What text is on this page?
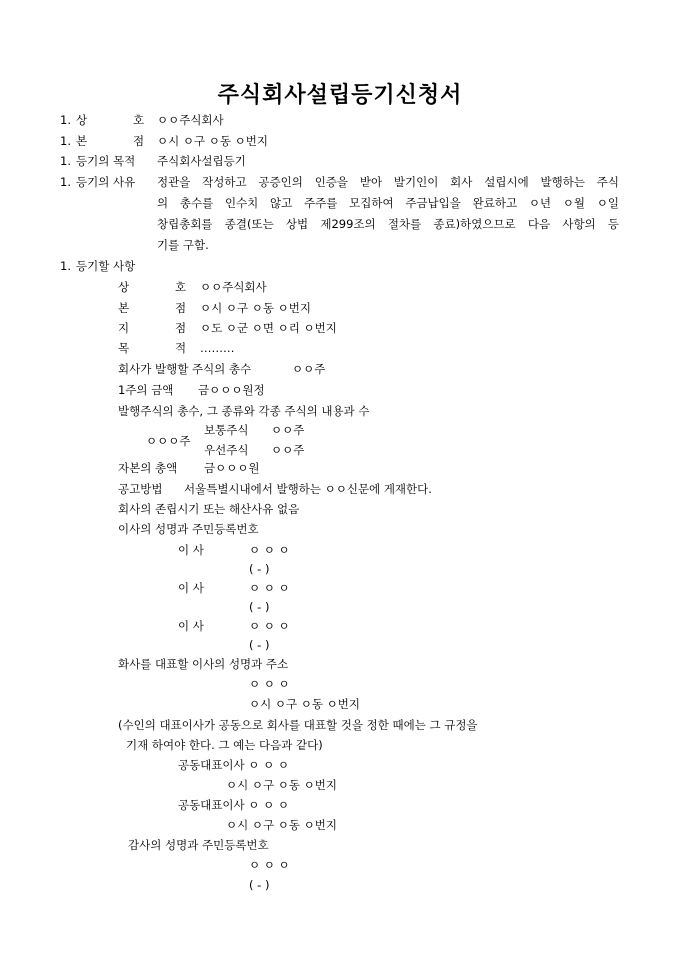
주식회사설립등기신청서
1. 상	호 ㅇㅇ주식회사
1. 본	점 ㅇ시 ㅇ구 ㅇ동 ㅇ번지
1. 등기의 목적 주식회사설립등기
1. 등기의 사유 정관을 작성하고 공증인의 인증을 받아 발기인이 회사 설립시에 발행하는 주식
의 총수를 인수치 않고 주주를 모집하여 주금납입을 완료하고 ㅇ년 ㅇ월 ㅇ일
창립총회를 종결(또는 상법 제299조의 절차를 종료)하였으므로 다음 사항의 등
기를 구함.
1. 등기할 사항
상	호 ㅇㅇ주식회사
본	점 ㅇ시 ㅇ구 ㅇ동 ㅇ번지
지	점 ㅇ도 ㅇ군 ㅇ면 ㅇ리 ㅇ번지
목	적 ………
회사가 발행할 주식의 총수	ㅇㅇ주
1주의 금액 금ㅇㅇㅇ원정
발행주식의 총수, 그 종류와 각종 주식의 내용과 수
ㅇㅇㅇ주
보통주식 ㅇㅇ주
우선주식 ㅇㅇ주
자본의 총액 금ㅇㅇㅇ원
공고방법 서울특별시내에서 발행하는 ㅇㅇ신문에 게재한다.
회사의 존립시기 또는 해산사유 없음
이사의 성명과 주민등록번호
이 사	ㅇ ㅇ ㅇ
( - )
이 사	ㅇ ㅇ ㅇ
( - )
이 사	ㅇ ㅇ ㅇ
( - )
화사를 대표할 이사의 성명과 주소
ㅇ ㅇ ㅇ
ㅇ시 ㅇ구 ㅇ동 ㅇ번지
(수인의 대표이사가 공동으로 회사를 대표할 것을 정한 때에는 그 규정을
기재 하여야 한다. 그 예는 다음과 같다)
공동대표이사 ㅇ ㅇ ㅇ
ㅇ시 ㅇ구 ㅇ동 ㅇ번지
공동대표이사 ㅇ ㅇ ㅇ
ㅇ시 ㅇ구 ㅇ동 ㅇ번지
감사의 성명과 주민등록번호
ㅇ ㅇ ㅇ
( - )
